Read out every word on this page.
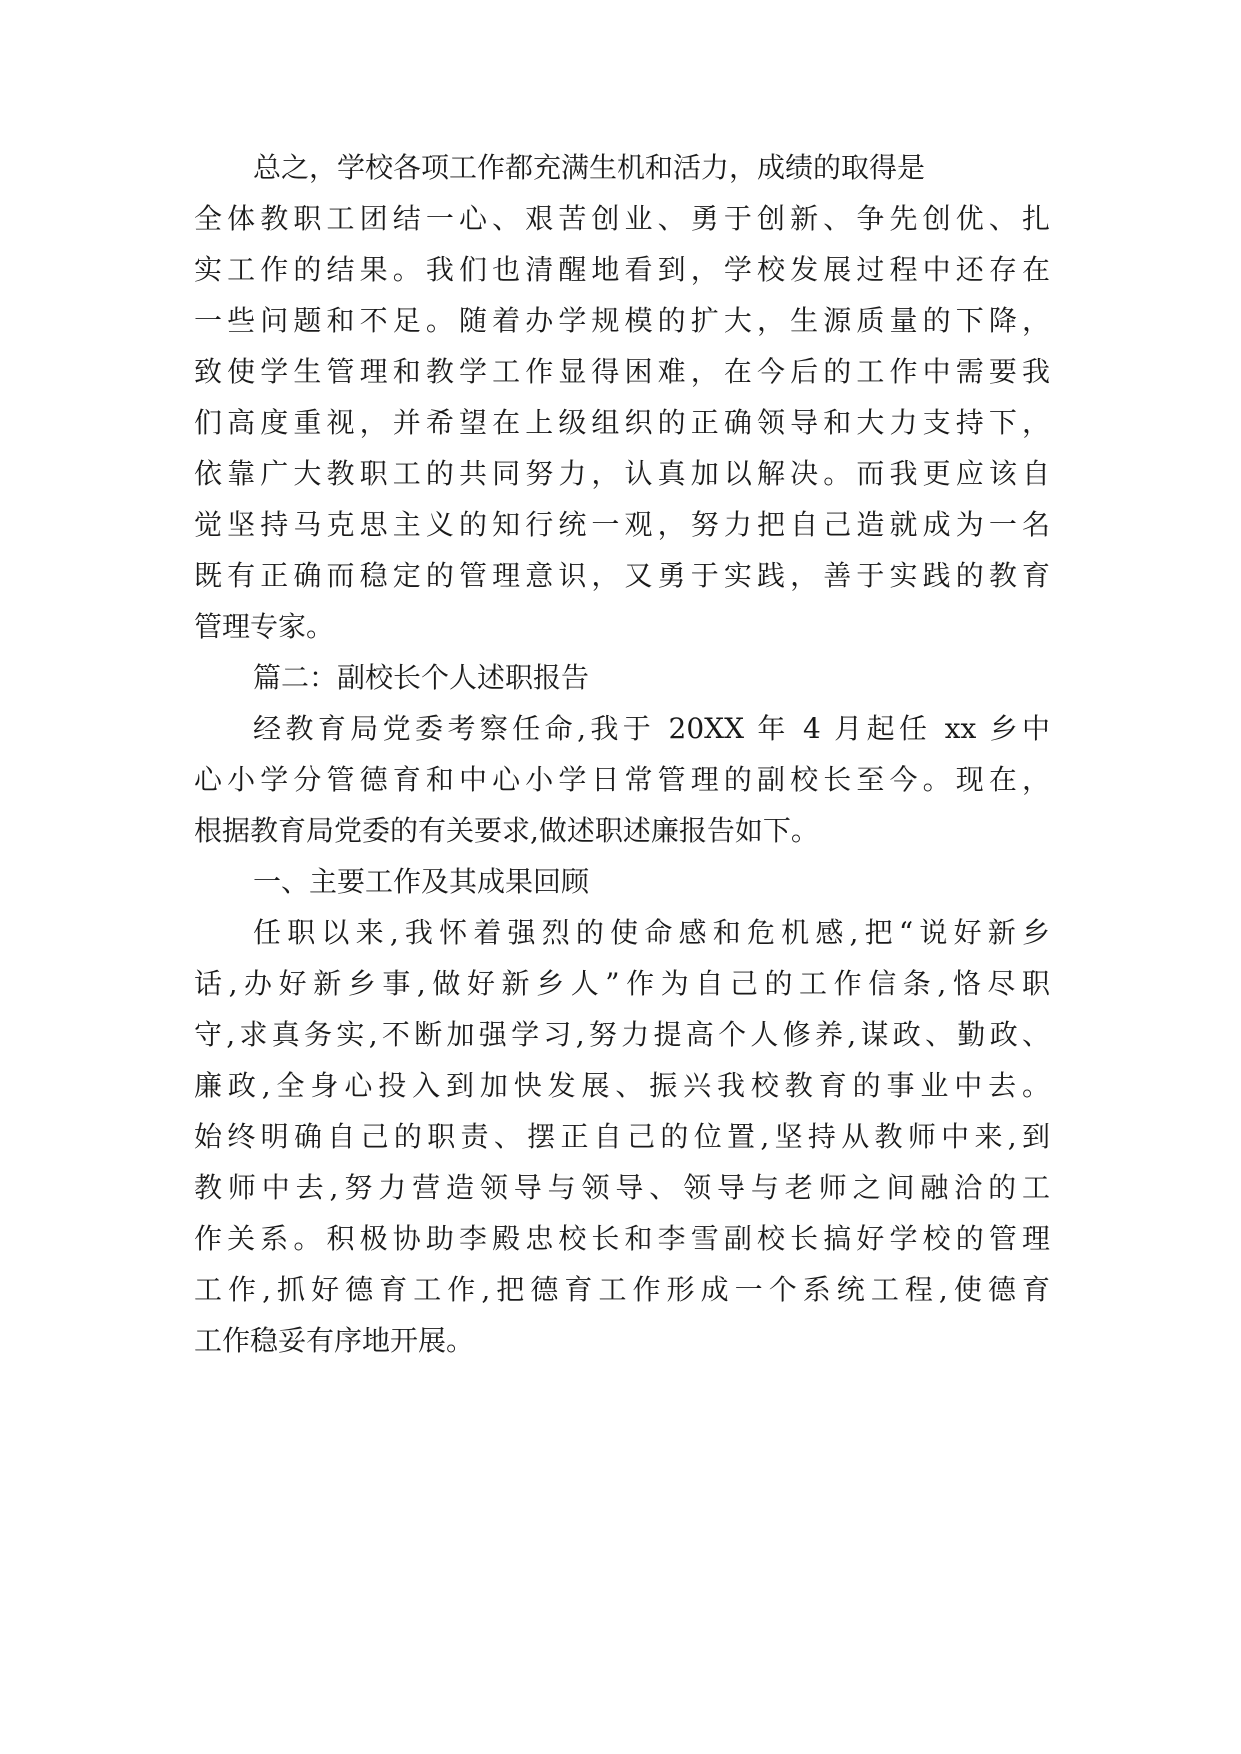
总之，学校各项工作都充满生机和活力，成绩的取得是

全体教职工团结一心、艰苦创业、勇于创新、争先创优、扎

实工作的结果。我们也清醒地看到，学校发展过程中还存在

一些问题和不足。随着办学规模的扩大，生源质量的下降，

致使学生管理和教学工作显得困难，在今后的工作中需要我

们高度重视，并希望在上级组织的正确领导和大力支持下，

依靠广大教职工的共同努力，认真加以解决。而我更应该自

觉坚持马克思主义的知行统一观，努力把自己造就成为一名

既有正确而稳定的管理意识，又勇于实践，善于实践的教育

管理专家。

篇二：副校长个人述职报告

经教育局党委考察任命,我于 20XX 年 4 月起任 xx 乡中

心小学分管德育和中心小学日常管理的副校长至今。现在，

根据教育局党委的有关要求,做述职述廉报告如下。

一、主要工作及其成果回顾

任职以来,我怀着强烈的使命感和危机感,把“说好新乡

话,办好新乡事,做好新乡人”作为自己的工作信条,恪尽职

守,求真务实,不断加强学习,努力提高个人修养,谋政、勤政、

廉政,全身心投入到加快发展、振兴我校教育的事业中去。

始终明确自己的职责、摆正自己的位置,坚持从教师中来,到

教师中去,努力营造领导与领导、领导与老师之间融洽的工

作关系。积极协助李殿忠校长和李雪副校长搞好学校的管理

工作,抓好德育工作,把德育工作形成一个系统工程,使德育

工作稳妥有序地开展。
